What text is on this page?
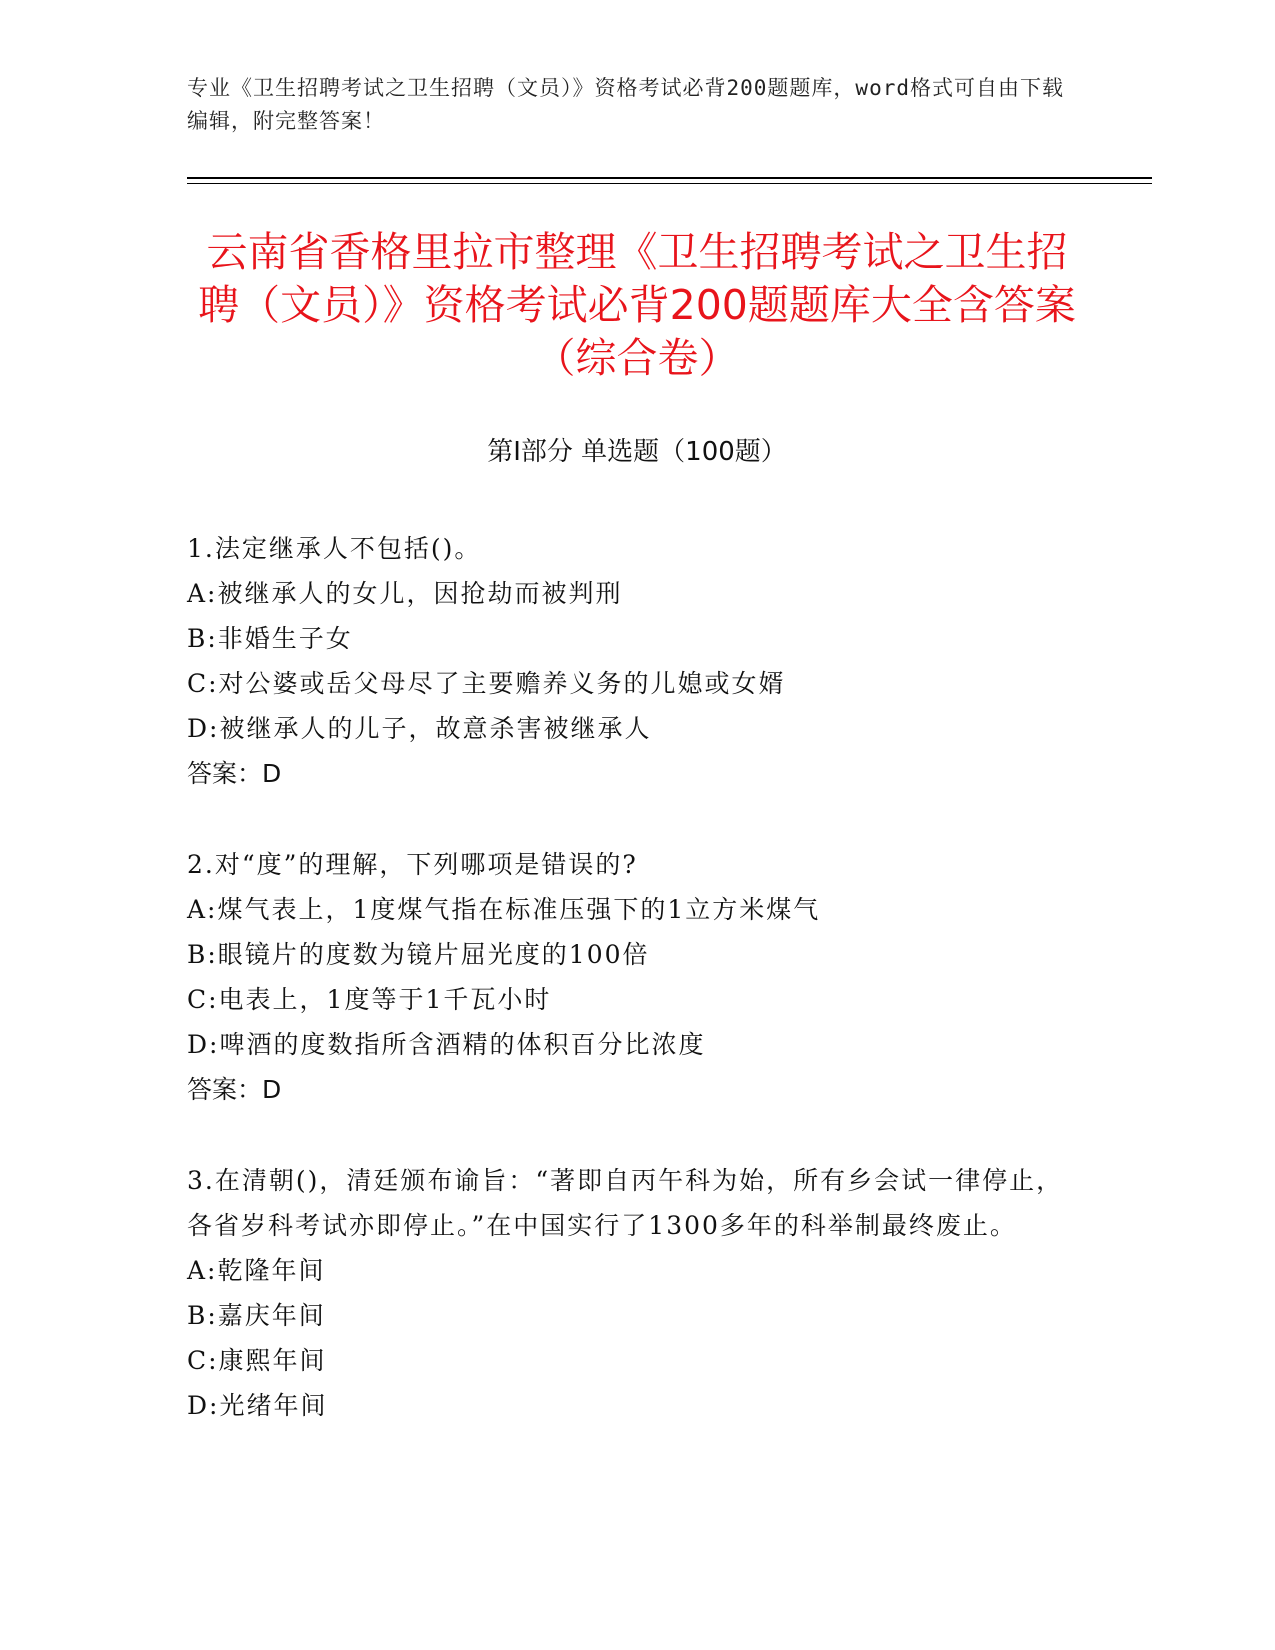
专业《卫生招聘考试之卫生招聘（文员）》资格考试必背200题题库，word格式可自由下载编辑，附完整答案！
云南省香格里拉市整理《卫生招聘考试之卫生招聘（文员）》资格考试必背200题题库大全含答案（综合卷）
第Ⅰ部分 单选题（100题）

1.法定继承人不包括()。

A:被继承人的女儿，因抢劫而被判刑

B:非婚生子女

C:对公婆或岳父母尽了主要赡养义务的儿媳或女婿

D:被继承人的儿子，故意杀害被继承人

答案：D

2.对“度”的理解，下列哪项是错误的?

A:煤气表上，1度煤气指在标准压强下的1立方米煤气

B:眼镜片的度数为镜片屈光度的100倍

C:电表上，1度等于1千瓦小时

D:啤酒的度数指所含酒精的体积百分比浓度

答案：D

3.在清朝()，清廷颁布谕旨：“著即自丙午科为始，所有乡会试一律停止，各省岁科考试亦即停止。”在中国实行了1300多年的科举制最终废止。

A:乾隆年间

B:嘉庆年间

C:康熙年间

D:光绪年间
